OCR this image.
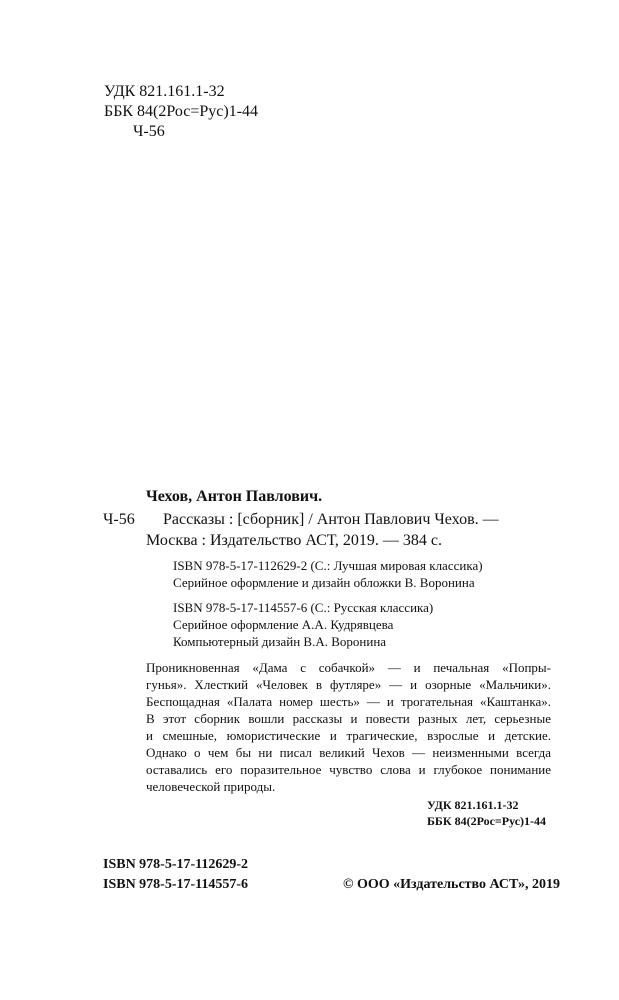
УДК 821.161.1-32
ББК 84(2Рос=Рус)1-44
Ч-56
Чехов, Антон Павлович.
Ч-56 Рассказы : [сборник] / Антон Павлович Чехов. —
Москва : Издательство АСТ, 2019. — 384 с.
ISBN 978-5-17-112629-2 (С.: Лучшая мировая классика)
Серийное оформление и дизайн обложки В. Воронина
ISBN 978-5-17-114557-6 (С.: Русская классика)
Серийное оформление А.А. Кудрявцева
Компьютерный дизайн В.А. Воронина
Проникновенная «Дама с собачкой» — и печальная «Попры-
гунья». Хлесткий «Человек в футляре» — и озорные «Мальчики».
Беспощадная «Палата номер шесть» — и трогательная «Каштанка».
В этот сборник вошли рассказы и повести разных лет, серьезные
и смешные, юмористические и трагические, взрослые и детские.
Однако о чем бы ни писал великий Чехов — неизменными всегда
оставались его поразительное чувство слова и глубокое понимание
человеческой природы.
УДК 821.161.1-32
ББК 84(2Рос=Рус)1-44
ISBN 978-5-17-112629-2
ISBN 978-5-17-114557-6	© ООО «Издательство АСТ», 2019
